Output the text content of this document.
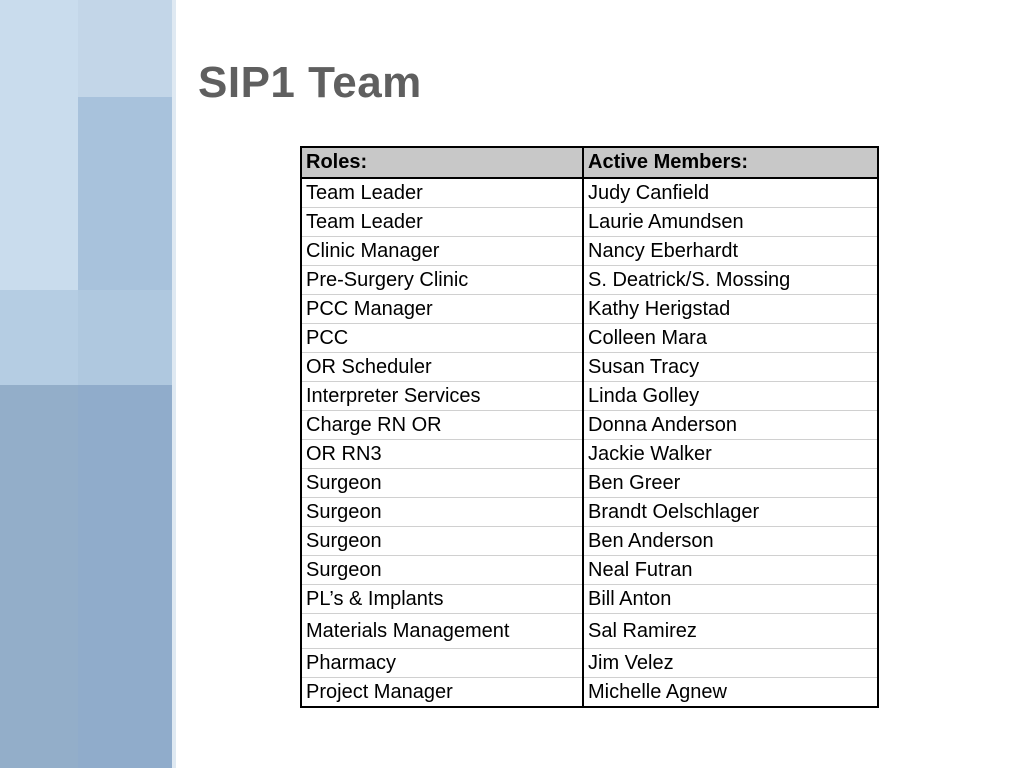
SIP1 Team
Roles:	Active Members:
Team Leader	Judy Canfield
Team Leader	Laurie Amundsen
Clinic Manager	Nancy Eberhardt
Pre-Surgery Clinic	S. Deatrick/S. Mossing
PCC Manager	Kathy Herigstad
PCC	Colleen Mara
OR Scheduler	Susan Tracy
Interpreter Services	Linda Golley
Charge RN OR	Donna Anderson
OR RN3	Jackie Walker
Surgeon	Ben Greer
Surgeon	Brandt Oelschlager
Surgeon	Ben Anderson
Surgeon	Neal Futran
PL’s & Implants	Bill Anton
Materials Management	Sal Ramirez
Pharmacy	Jim Velez
Project Manager	Michelle Agnew
